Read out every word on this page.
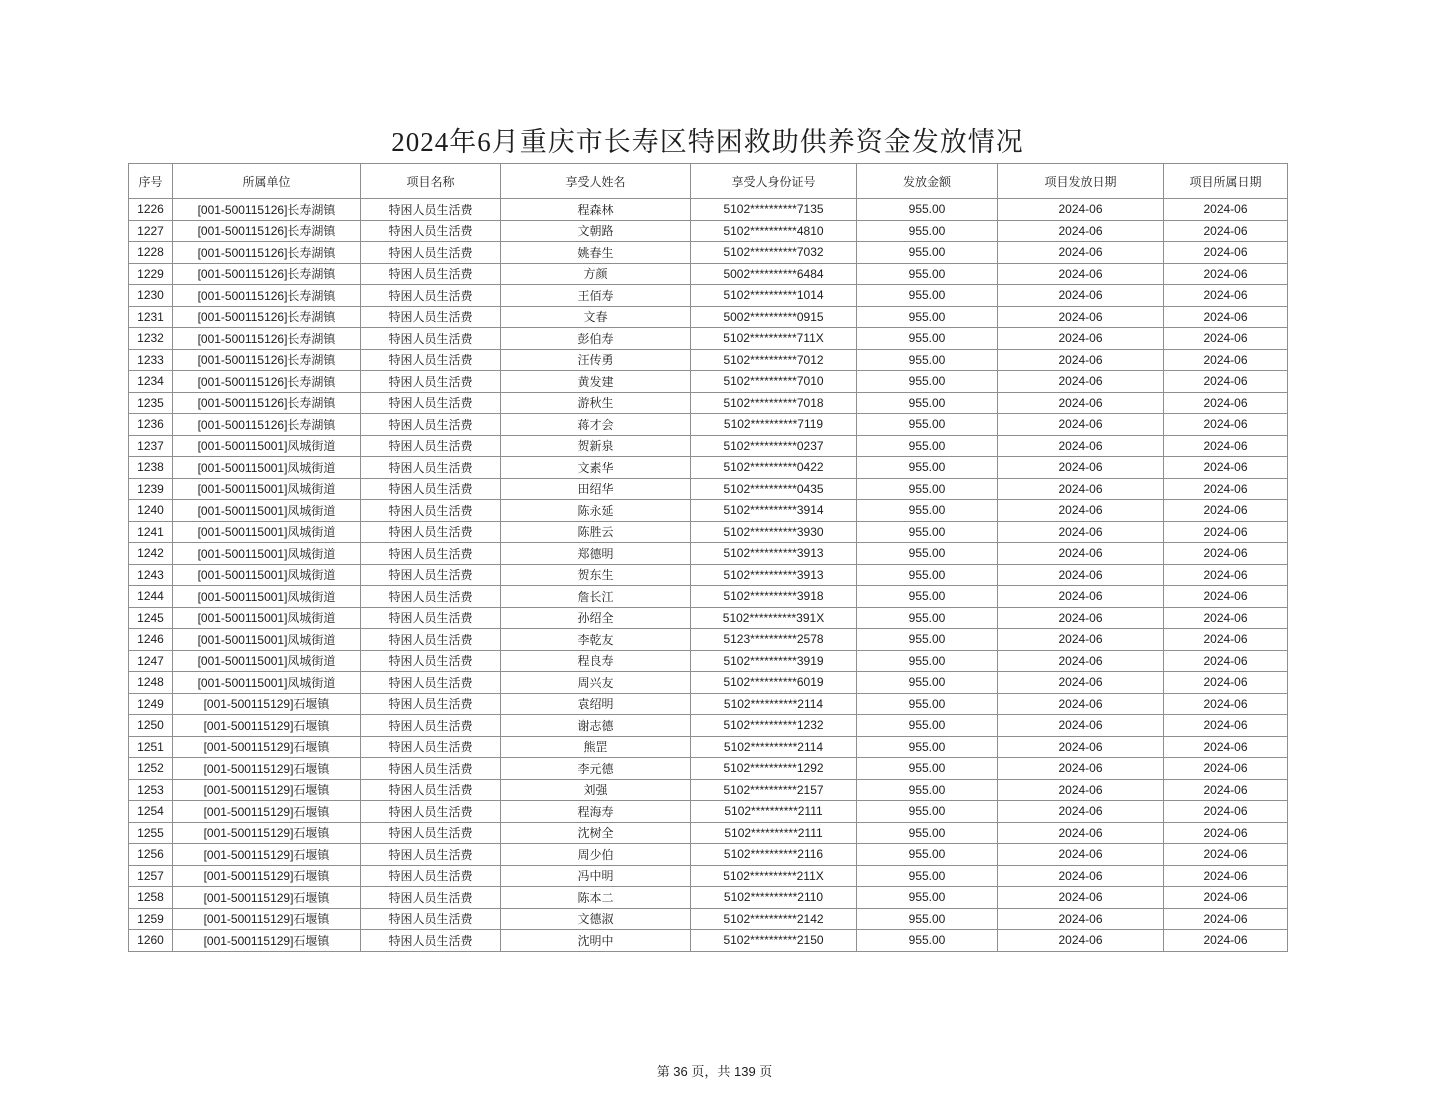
2024年6月重庆市长寿区特困救助供养资金发放情况
序号	所属单位	项目名称	享受人姓名	享受人身份证号	发放金额	项目发放日期	项目所属日期
1226	[001-500115126]长寿湖镇	特困人员生活费	程森林	5102**********7135	955.00	2024-06	2024-06
1227	[001-500115126]长寿湖镇	特困人员生活费	文朝路	5102**********4810	955.00	2024-06	2024-06
1228	[001-500115126]长寿湖镇	特困人员生活费	姚春生	5102**********7032	955.00	2024-06	2024-06
1229	[001-500115126]长寿湖镇	特困人员生活费	方颜	5002**********6484	955.00	2024-06	2024-06
1230	[001-500115126]长寿湖镇	特困人员生活费	王佰寿	5102**********1014	955.00	2024-06	2024-06
1231	[001-500115126]长寿湖镇	特困人员生活费	文春	5002**********0915	955.00	2024-06	2024-06
1232	[001-500115126]长寿湖镇	特困人员生活费	彭伯寿	5102**********711X	955.00	2024-06	2024-06
1233	[001-500115126]长寿湖镇	特困人员生活费	汪传勇	5102**********7012	955.00	2024-06	2024-06
1234	[001-500115126]长寿湖镇	特困人员生活费	黄发建	5102**********7010	955.00	2024-06	2024-06
1235	[001-500115126]长寿湖镇	特困人员生活费	游秋生	5102**********7018	955.00	2024-06	2024-06
1236	[001-500115126]长寿湖镇	特困人员生活费	蒋才会	5102**********7119	955.00	2024-06	2024-06
1237	[001-500115001]凤城街道	特困人员生活费	贺新泉	5102**********0237	955.00	2024-06	2024-06
1238	[001-500115001]凤城街道	特困人员生活费	文素华	5102**********0422	955.00	2024-06	2024-06
1239	[001-500115001]凤城街道	特困人员生活费	田绍华	5102**********0435	955.00	2024-06	2024-06
1240	[001-500115001]凤城街道	特困人员生活费	陈永延	5102**********3914	955.00	2024-06	2024-06
1241	[001-500115001]凤城街道	特困人员生活费	陈胜云	5102**********3930	955.00	2024-06	2024-06
1242	[001-500115001]凤城街道	特困人员生活费	郑德明	5102**********3913	955.00	2024-06	2024-06
1243	[001-500115001]凤城街道	特困人员生活费	贺东生	5102**********3913	955.00	2024-06	2024-06
1244	[001-500115001]凤城街道	特困人员生活费	詹长江	5102**********3918	955.00	2024-06	2024-06
1245	[001-500115001]凤城街道	特困人员生活费	孙绍全	5102**********391X	955.00	2024-06	2024-06
1246	[001-500115001]凤城街道	特困人员生活费	李乾友	5123**********2578	955.00	2024-06	2024-06
1247	[001-500115001]凤城街道	特困人员生活费	程良寿	5102**********3919	955.00	2024-06	2024-06
1248	[001-500115001]凤城街道	特困人员生活费	周兴友	5102**********6019	955.00	2024-06	2024-06
1249	[001-500115129]石堰镇	特困人员生活费	袁绍明	5102**********2114	955.00	2024-06	2024-06
1250	[001-500115129]石堰镇	特困人员生活费	谢志德	5102**********1232	955.00	2024-06	2024-06
1251	[001-500115129]石堰镇	特困人员生活费	熊罡	5102**********2114	955.00	2024-06	2024-06
1252	[001-500115129]石堰镇	特困人员生活费	李元德	5102**********1292	955.00	2024-06	2024-06
1253	[001-500115129]石堰镇	特困人员生活费	刘强	5102**********2157	955.00	2024-06	2024-06
1254	[001-500115129]石堰镇	特困人员生活费	程海寿	5102**********2111	955.00	2024-06	2024-06
1255	[001-500115129]石堰镇	特困人员生活费	沈树全	5102**********2111	955.00	2024-06	2024-06
1256	[001-500115129]石堰镇	特困人员生活费	周少伯	5102**********2116	955.00	2024-06	2024-06
1257	[001-500115129]石堰镇	特困人员生活费	冯中明	5102**********211X	955.00	2024-06	2024-06
1258	[001-500115129]石堰镇	特困人员生活费	陈本二	5102**********2110	955.00	2024-06	2024-06
1259	[001-500115129]石堰镇	特困人员生活费	文德淑	5102**********2142	955.00	2024-06	2024-06
1260	[001-500115129]石堰镇	特困人员生活费	沈明中	5102**********2150	955.00	2024-06	2024-06
第 36 页，共 139 页
